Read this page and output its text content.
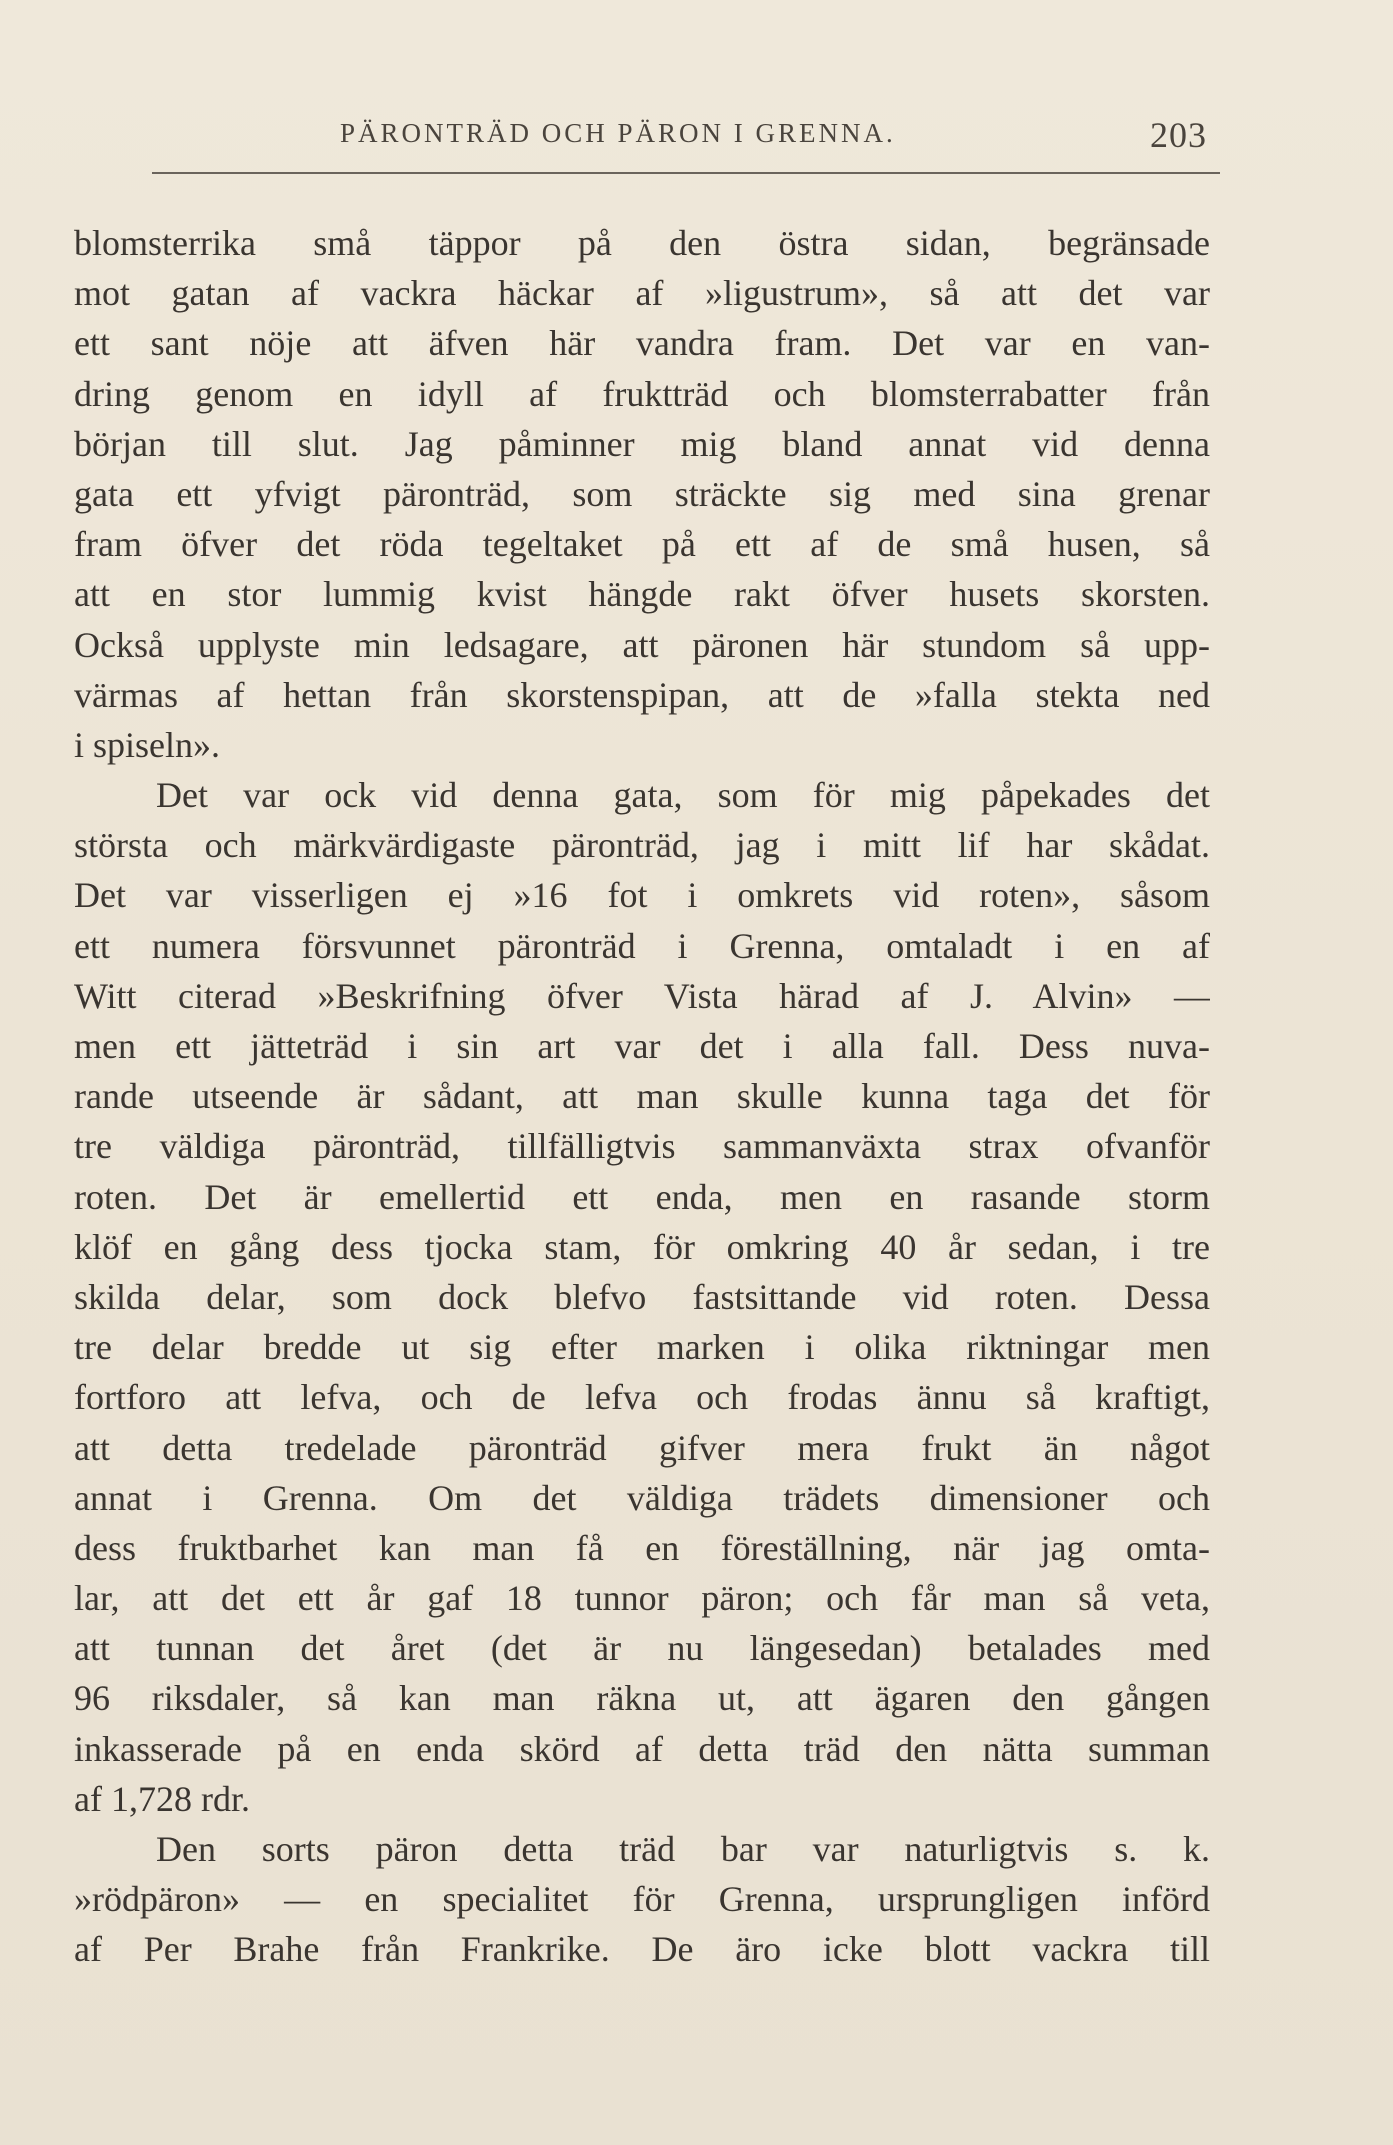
PÄRONTRÄD OCH PÄRON I GRENNA.	203
blomsterrika små täppor på den östra sidan, begränsade
mot gatan af vackra häckar af »ligustrum», så att det var
ett sant nöje att äfven här vandra fram. Det var en van-
dring genom en idyll af fruktträd och blomsterrabatter från
början till slut. Jag påminner mig bland annat vid denna
gata ett yfvigt päronträd, som sträckte sig med sina grenar
fram öfver det röda tegeltaket på ett af de små husen, så
att en stor lummig kvist hängde rakt öfver husets skorsten.
Också upplyste min ledsagare, att päronen här stundom så upp-
värmas af hettan från skorstenspipan, att de »falla stekta ned
i spiseln».
Det var ock vid denna gata, som för mig påpekades det
största och märkvärdigaste päronträd, jag i mitt lif har skådat.
Det var visserligen ej »16 fot i omkrets vid roten», såsom
ett numera försvunnet päronträd i Grenna, omtaladt i en af
Witt citerad »Beskrifning öfver Vista härad af J. Alvin» —
men ett jätteträd i sin art var det i alla fall. Dess nuva-
rande utseende är sådant, att man skulle kunna taga det för
tre väldiga päronträd, tillfälligtvis sammanväxta strax ofvanför
roten. Det är emellertid ett enda, men en rasande storm
klöf en gång dess tjocka stam, för omkring 40 år sedan, i tre
skilda delar, som dock blefvo fastsittande vid roten. Dessa
tre delar bredde ut sig efter marken i olika riktningar men
fortforo att lefva, och de lefva och frodas ännu så kraftigt,
att detta tredelade päronträd gifver mera frukt än något
annat i Grenna. Om det väldiga trädets dimensioner och
dess fruktbarhet kan man få en föreställning, när jag omta-
lar, att det ett år gaf 18 tunnor päron; och får man så veta,
att tunnan det året (det är nu längesedan) betalades med
96 riksdaler, så kan man räkna ut, att ägaren den gången
inkasserade på en enda skörd af detta träd den nätta summan
af 1,728 rdr.
Den sorts päron detta träd bar var naturligtvis s. k.
»rödpäron» — en specialitet för Grenna, ursprungligen införd
af Per Brahe från Frankrike. De äro icke blott vackra till
